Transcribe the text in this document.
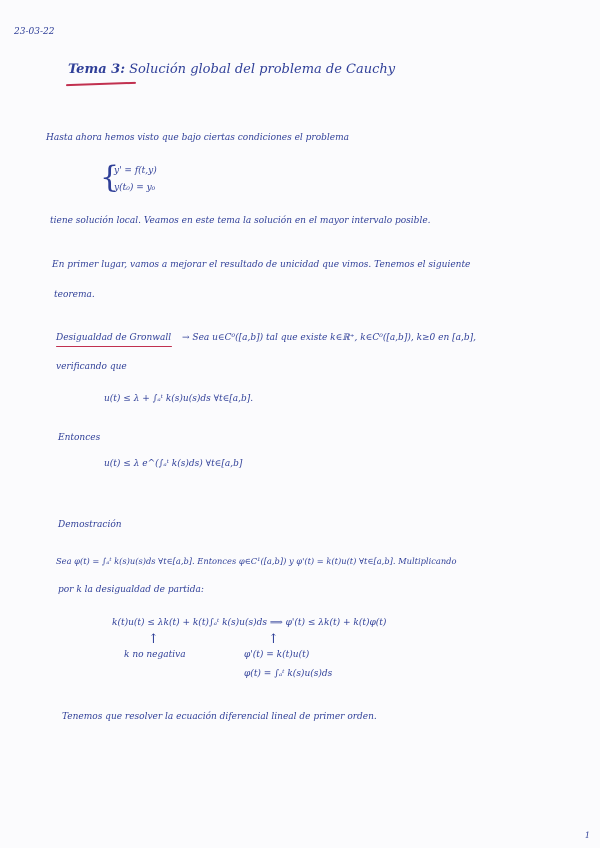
23-03-22
Tema 3: Solución global del problema de Cauchy
Hasta ahora hemos visto que bajo ciertas condiciones el problema
{
y' = f(t,y)
y(t₀) = y₀
tiene solución local. Veamos en este tema la solución en el mayor intervalo posible.
En primer lugar, vamos a mejorar el resultado de unicidad que vimos. Tenemos el siguiente
teorema.
Desigualdad de Gronwall → Sea u∈C⁰([a,b]) tal que existe k∈ℝ⁺, k∈C⁰([a,b]), k≥0 en [a,b],
verificando que
u(t) ≤ λ + ∫ₐᵗ k(s)u(s)ds ∀t∈[a,b].
Entonces
u(t) ≤ λ e^(∫ₐᵗ k(s)ds) ∀t∈[a,b]
Demostración
Sea φ(t) = ∫ₐᵗ k(s)u(s)ds ∀t∈[a,b]. Entonces φ∈C¹([a,b]) y φ'(t) = k(t)u(t) ∀t∈[a,b]. Multiplicando
por k la desigualdad de partida:
k(t)u(t) ≤ λk(t) + k(t)∫ₐᵗ k(s)u(s)ds ⟹ φ'(t) ≤ λk(t) + k(t)φ(t)
↑	↑
k no negativa	φ'(t) = k(t)u(t)
φ(t) = ∫ₐᵗ k(s)u(s)ds
Tenemos que resolver la ecuación diferencial lineal de primer orden.
1
